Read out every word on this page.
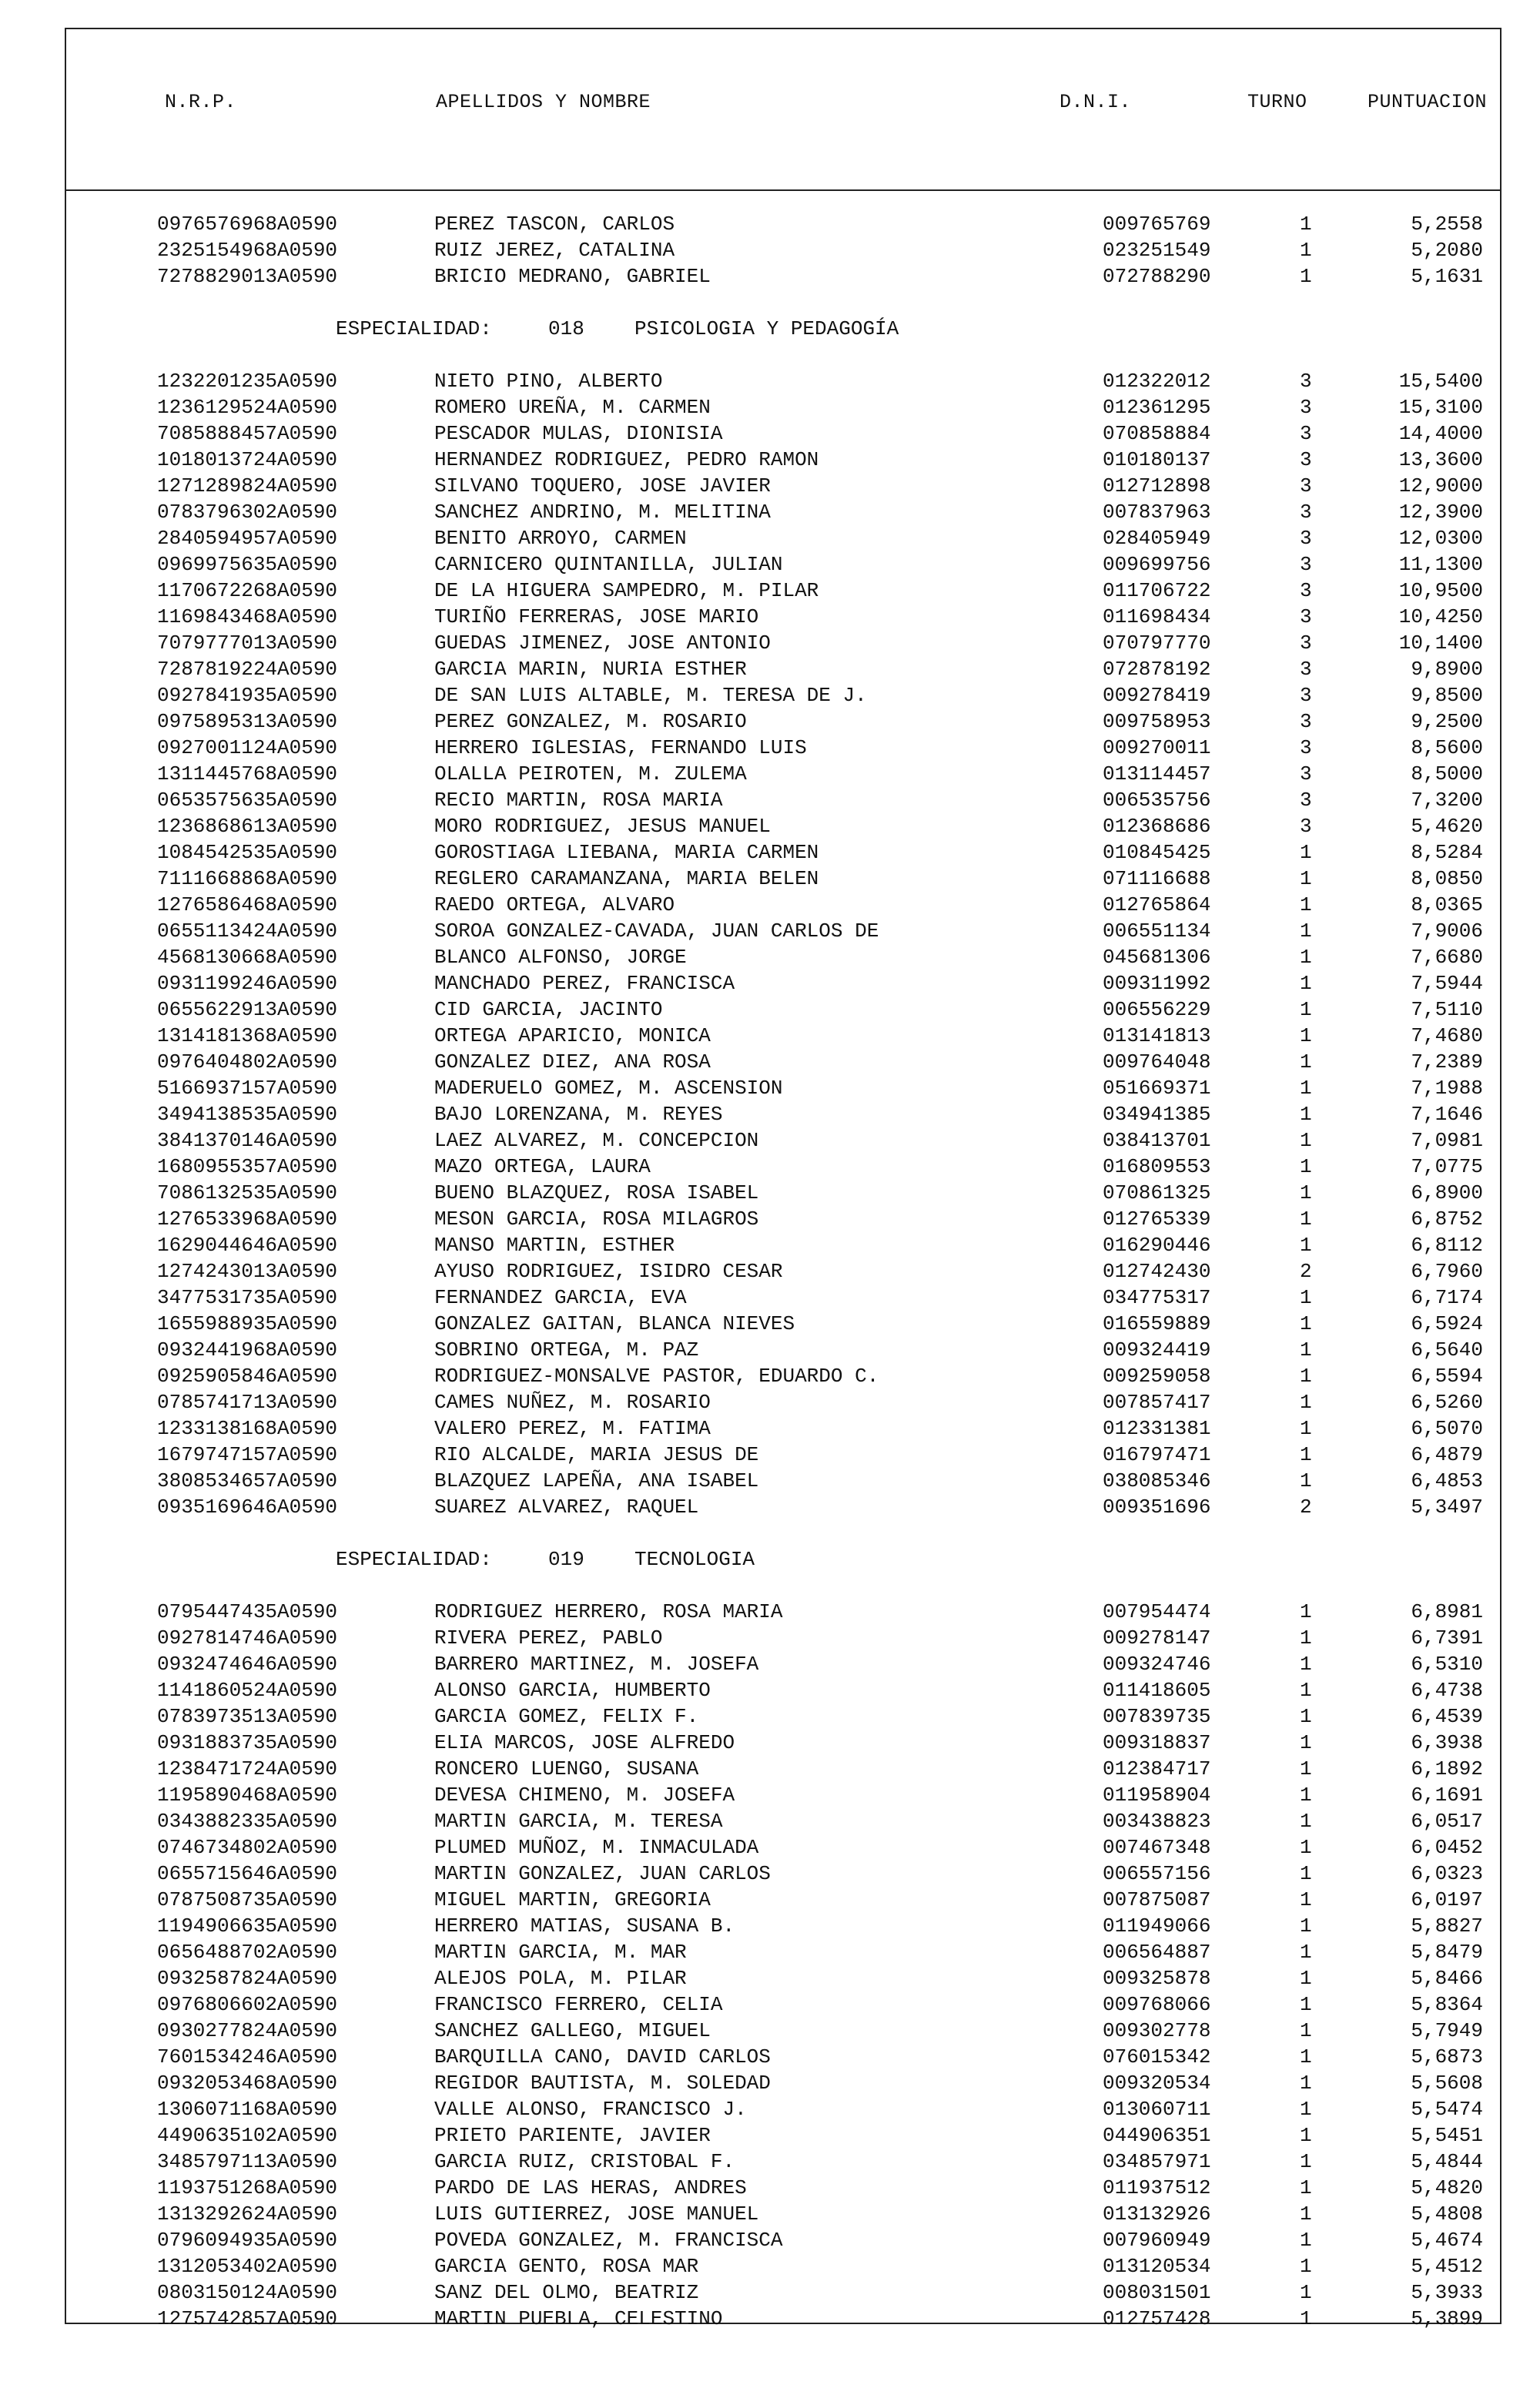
N.R.P.	APELLIDOS Y NOMBRE	D.N.I.	TURNO	PUNTUACION
0976576968A0590	PEREZ TASCON, CARLOS	009765769	1	5,2558
2325154968A0590	RUIZ JEREZ, CATALINA	023251549	1	5,2080
7278829013A0590	BRICIO MEDRANO, GABRIEL	072788290	1	5,1631
ESPECIALIDAD:	018	PSICOLOGIA Y PEDAGOGÍA
1232201235A0590	NIETO PINO, ALBERTO	012322012	3	15,5400
1236129524A0590	ROMERO UREÑA, M. CARMEN	012361295	3	15,3100
7085888457A0590	PESCADOR MULAS, DIONISIA	070858884	3	14,4000
1018013724A0590	HERNANDEZ RODRIGUEZ, PEDRO RAMON	010180137	3	13,3600
1271289824A0590	SILVANO TOQUERO, JOSE JAVIER	012712898	3	12,9000
0783796302A0590	SANCHEZ ANDRINO, M. MELITINA	007837963	3	12,3900
2840594957A0590	BENITO ARROYO, CARMEN	028405949	3	12,0300
0969975635A0590	CARNICERO QUINTANILLA, JULIAN	009699756	3	11,1300
1170672268A0590	DE LA HIGUERA SAMPEDRO, M. PILAR	011706722	3	10,9500
1169843468A0590	TURIÑO FERRERAS, JOSE MARIO	011698434	3	10,4250
7079777013A0590	GUEDAS JIMENEZ, JOSE ANTONIO	070797770	3	10,1400
7287819224A0590	GARCIA MARIN, NURIA ESTHER	072878192	3	9,8900
0927841935A0590	DE SAN LUIS ALTABLE, M. TERESA DE J.	009278419	3	9,8500
0975895313A0590	PEREZ GONZALEZ, M. ROSARIO	009758953	3	9,2500
0927001124A0590	HERRERO IGLESIAS, FERNANDO LUIS	009270011	3	8,5600
1311445768A0590	OLALLA PEIROTEN, M. ZULEMA	013114457	3	8,5000
0653575635A0590	RECIO MARTIN, ROSA MARIA	006535756	3	7,3200
1236868613A0590	MORO RODRIGUEZ, JESUS MANUEL	012368686	3	5,4620
1084542535A0590	GOROSTIAGA LIEBANA, MARIA CARMEN	010845425	1	8,5284
7111668868A0590	REGLERO CARAMANZANA, MARIA BELEN	071116688	1	8,0850
1276586468A0590	RAEDO ORTEGA, ALVARO	012765864	1	8,0365
0655113424A0590	SOROA GONZALEZ-CAVADA, JUAN CARLOS DE	006551134	1	7,9006
4568130668A0590	BLANCO ALFONSO, JORGE	045681306	1	7,6680
0931199246A0590	MANCHADO PEREZ, FRANCISCA	009311992	1	7,5944
0655622913A0590	CID GARCIA, JACINTO	006556229	1	7,5110
1314181368A0590	ORTEGA APARICIO, MONICA	013141813	1	7,4680
0976404802A0590	GONZALEZ DIEZ, ANA ROSA	009764048	1	7,2389
5166937157A0590	MADERUELO GOMEZ, M. ASCENSION	051669371	1	7,1988
3494138535A0590	BAJO LORENZANA, M. REYES	034941385	1	7,1646
3841370146A0590	LAEZ ALVAREZ, M. CONCEPCION	038413701	1	7,0981
1680955357A0590	MAZO ORTEGA, LAURA	016809553	1	7,0775
7086132535A0590	BUENO BLAZQUEZ, ROSA ISABEL	070861325	1	6,8900
1276533968A0590	MESON GARCIA, ROSA MILAGROS	012765339	1	6,8752
1629044646A0590	MANSO MARTIN, ESTHER	016290446	1	6,8112
1274243013A0590	AYUSO RODRIGUEZ, ISIDRO CESAR	012742430	2	6,7960
3477531735A0590	FERNANDEZ GARCIA, EVA	034775317	1	6,7174
1655988935A0590	GONZALEZ GAITAN, BLANCA NIEVES	016559889	1	6,5924
0932441968A0590	SOBRINO ORTEGA, M. PAZ	009324419	1	6,5640
0925905846A0590	RODRIGUEZ-MONSALVE PASTOR, EDUARDO C.	009259058	1	6,5594
0785741713A0590	CAMES NUÑEZ, M. ROSARIO	007857417	1	6,5260
1233138168A0590	VALERO PEREZ, M. FATIMA	012331381	1	6,5070
1679747157A0590	RIO ALCALDE, MARIA JESUS DE	016797471	1	6,4879
3808534657A0590	BLAZQUEZ LAPEÑA, ANA ISABEL	038085346	1	6,4853
0935169646A0590	SUAREZ ALVAREZ, RAQUEL	009351696	2	5,3497
ESPECIALIDAD:	019	TECNOLOGIA
0795447435A0590	RODRIGUEZ HERRERO, ROSA MARIA	007954474	1	6,8981
0927814746A0590	RIVERA PEREZ, PABLO	009278147	1	6,7391
0932474646A0590	BARRERO MARTINEZ, M. JOSEFA	009324746	1	6,5310
1141860524A0590	ALONSO GARCIA, HUMBERTO	011418605	1	6,4738
0783973513A0590	GARCIA GOMEZ, FELIX F.	007839735	1	6,4539
0931883735A0590	ELIA MARCOS, JOSE ALFREDO	009318837	1	6,3938
1238471724A0590	RONCERO LUENGO, SUSANA	012384717	1	6,1892
1195890468A0590	DEVESA CHIMENO, M. JOSEFA	011958904	1	6,1691
0343882335A0590	MARTIN GARCIA, M. TERESA	003438823	1	6,0517
0746734802A0590	PLUMED MUÑOZ, M. INMACULADA	007467348	1	6,0452
0655715646A0590	MARTIN GONZALEZ, JUAN CARLOS	006557156	1	6,0323
0787508735A0590	MIGUEL MARTIN, GREGORIA	007875087	1	6,0197
1194906635A0590	HERRERO MATIAS, SUSANA B.	011949066	1	5,8827
0656488702A0590	MARTIN GARCIA, M. MAR	006564887	1	5,8479
0932587824A0590	ALEJOS POLA, M. PILAR	009325878	1	5,8466
0976806602A0590	FRANCISCO FERRERO, CELIA	009768066	1	5,8364
0930277824A0590	SANCHEZ GALLEGO, MIGUEL	009302778	1	5,7949
7601534246A0590	BARQUILLA CANO, DAVID CARLOS	076015342	1	5,6873
0932053468A0590	REGIDOR BAUTISTA, M. SOLEDAD	009320534	1	5,5608
1306071168A0590	VALLE ALONSO, FRANCISCO J.	013060711	1	5,5474
4490635102A0590	PRIETO PARIENTE, JAVIER	044906351	1	5,5451
3485797113A0590	GARCIA RUIZ, CRISTOBAL F.	034857971	1	5,4844
1193751268A0590	PARDO DE LAS HERAS, ANDRES	011937512	1	5,4820
1313292624A0590	LUIS GUTIERREZ, JOSE MANUEL	013132926	1	5,4808
0796094935A0590	POVEDA GONZALEZ, M. FRANCISCA	007960949	1	5,4674
1312053402A0590	GARCIA GENTO, ROSA MAR	013120534	1	5,4512
0803150124A0590	SANZ DEL OLMO, BEATRIZ	008031501	1	5,3933
1275742857A0590	MARTIN PUEBLA, CELESTINO	012757428	1	5,3899
